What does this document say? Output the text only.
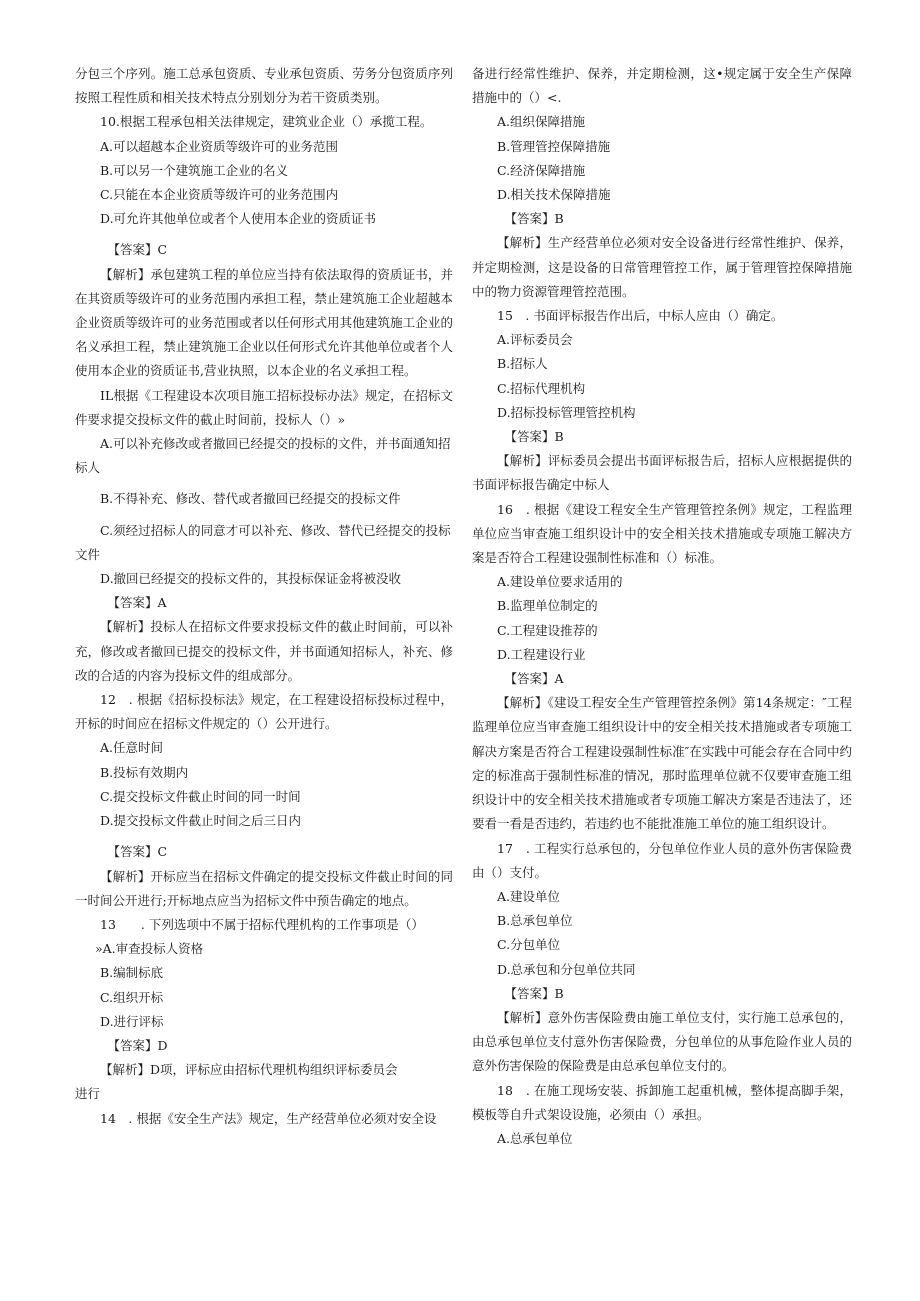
分包三个序列。施工总承包资质、专业承包资质、劳务分包资质序列按照工程性质和相关技术特点分别划分为若干资质类别。

10.根据工程承包相关法律规定，建筑业企业（）承揽工程。

A.可以超越本企业资质等级许可的业务范围

B.可以另一个建筑施工企业的名义

C.只能在本企业资质等级许可的业务范围内

D.可允许其他单位或者个人使用本企业的资质证书

【答案】C

【解析】承包建筑工程的单位应当持有依法取得的资质证书，并在其资质等级许可的业务范围内承担工程，禁止建筑施工企业超越本企业资质等级许可的业务范围或者以任何形式用其他建筑施工企业的名义承担工程，禁止建筑施工企业以任何形式允许其他单位或者个人使用本企业的资质证书,营业执照，以本企业的名义承担工程。

IL根据《工程建设本次项目施工招标投标办法》规定，在招标文件要求提交投标文件的截止时间前，投标人（）»

A.可以补充修改或者撤回已经提交的投标的文件，并书面通知招标人

B.不得补充、修改、替代或者撤回已经提交的投标文件

C.须经过招标人的同意才可以补充、修改、替代已经提交的投标文件

D.撤回已经提交的投标文件的，其投标保证金将被没收

【答案】A

【解析】投标人在招标文件要求投标文件的截止时间前，可以补充，修改或者撤回已提交的投标文件，并书面通知招标人，补充、修改的合适的内容为投标文件的组成部分。

12　. 根据《招标投标法》规定，在工程建设招标投标过程中，开标的时间应在招标文件规定的（）公开进行。

A.任意时间

B.投标有效期内

C.提交投标文件截止时间的同一时间

D.提交投标文件截止时间之后三日内

【答案】C

【解析】开标应当在招标文件确定的提交投标文件截止时间的同一时间公开进行;开标地点应当为招标文件中预告确定的地点。

13　　. 下列选项中不属于招标代理机构的工作事项是（）

»A.审查投标人资格

B.编制标底

C.组织开标

D.进行评标

【答案】D

【解析】D项，评标应由招标代理机构组织评标委员会

进行

14　. 根据《安全生产法》规定，生产经营单位必须对安全设

备进行经常性维护、保养，并定期检测，这•规定属于安全生产保障措施中的（）<.

A.组织保障措施

B.管理管控保障措施

C.经济保障措施

D.相关技术保障措施

【答案】B

【解析】生产经营单位必须对安全设备进行经常性维护、保养，并定期检测，这是设备的日常管理管控工作，属于管理管控保障措施中的物力资源管理管控范围。

15　. 书面评标报告作出后，中标人应由（）确定。

A.评标委员会

B.招标人

C.招标代理机构

D.招标投标管理管控机构

【答案】B

【解析】评标委员会提出书面评标报告后，招标人应根据提供的书面评标报告确定中标人

16　. 根据《建设工程安全生产管理管控条例》规定，工程监理单位应当审查施工组织设计中的安全相关技术措施或专项施工解决方案是否符合工程建设强制性标准和（）标准。

A.建设单位要求适用的

B.监理单位制定的

C.工程建设推荐的

D.工程建设行业

【答案】A

【解析】《建设工程安全生产管理管控条例》第14条规定：″工程监理单位应当审查施工组织设计中的安全相关技术措施或者专项施工解决方案是否符合工程建设强制性标准″在实践中可能会存在合同中约定的标准高于强制性标准的情况，那时监理单位就不仅要审查施工组织设计中的安全相关技术措施或者专项施工解决方案是否违法了，还要看一看是否违约，若违约也不能批准施工单位的施工组织设计。

17　. 工程实行总承包的，分包单位作业人员的意外伤害保险费由（）支付。

A.建设单位

B.总承包单位

C.分包单位

D.总承包和分包单位共同

【答案】B

【解析】意外伤害保险费由施工单位支付，实行施工总承包的，由总承包单位支付意外伤害保险费，分包单位的从事危险作业人员的意外伤害保险的保险费是由总承包单位支付的。

18　. 在施工现场安装、拆卸施工起重机械，整体提高脚手架，模板等自升式架设设施，必须由（）承担。

A.总承包单位
